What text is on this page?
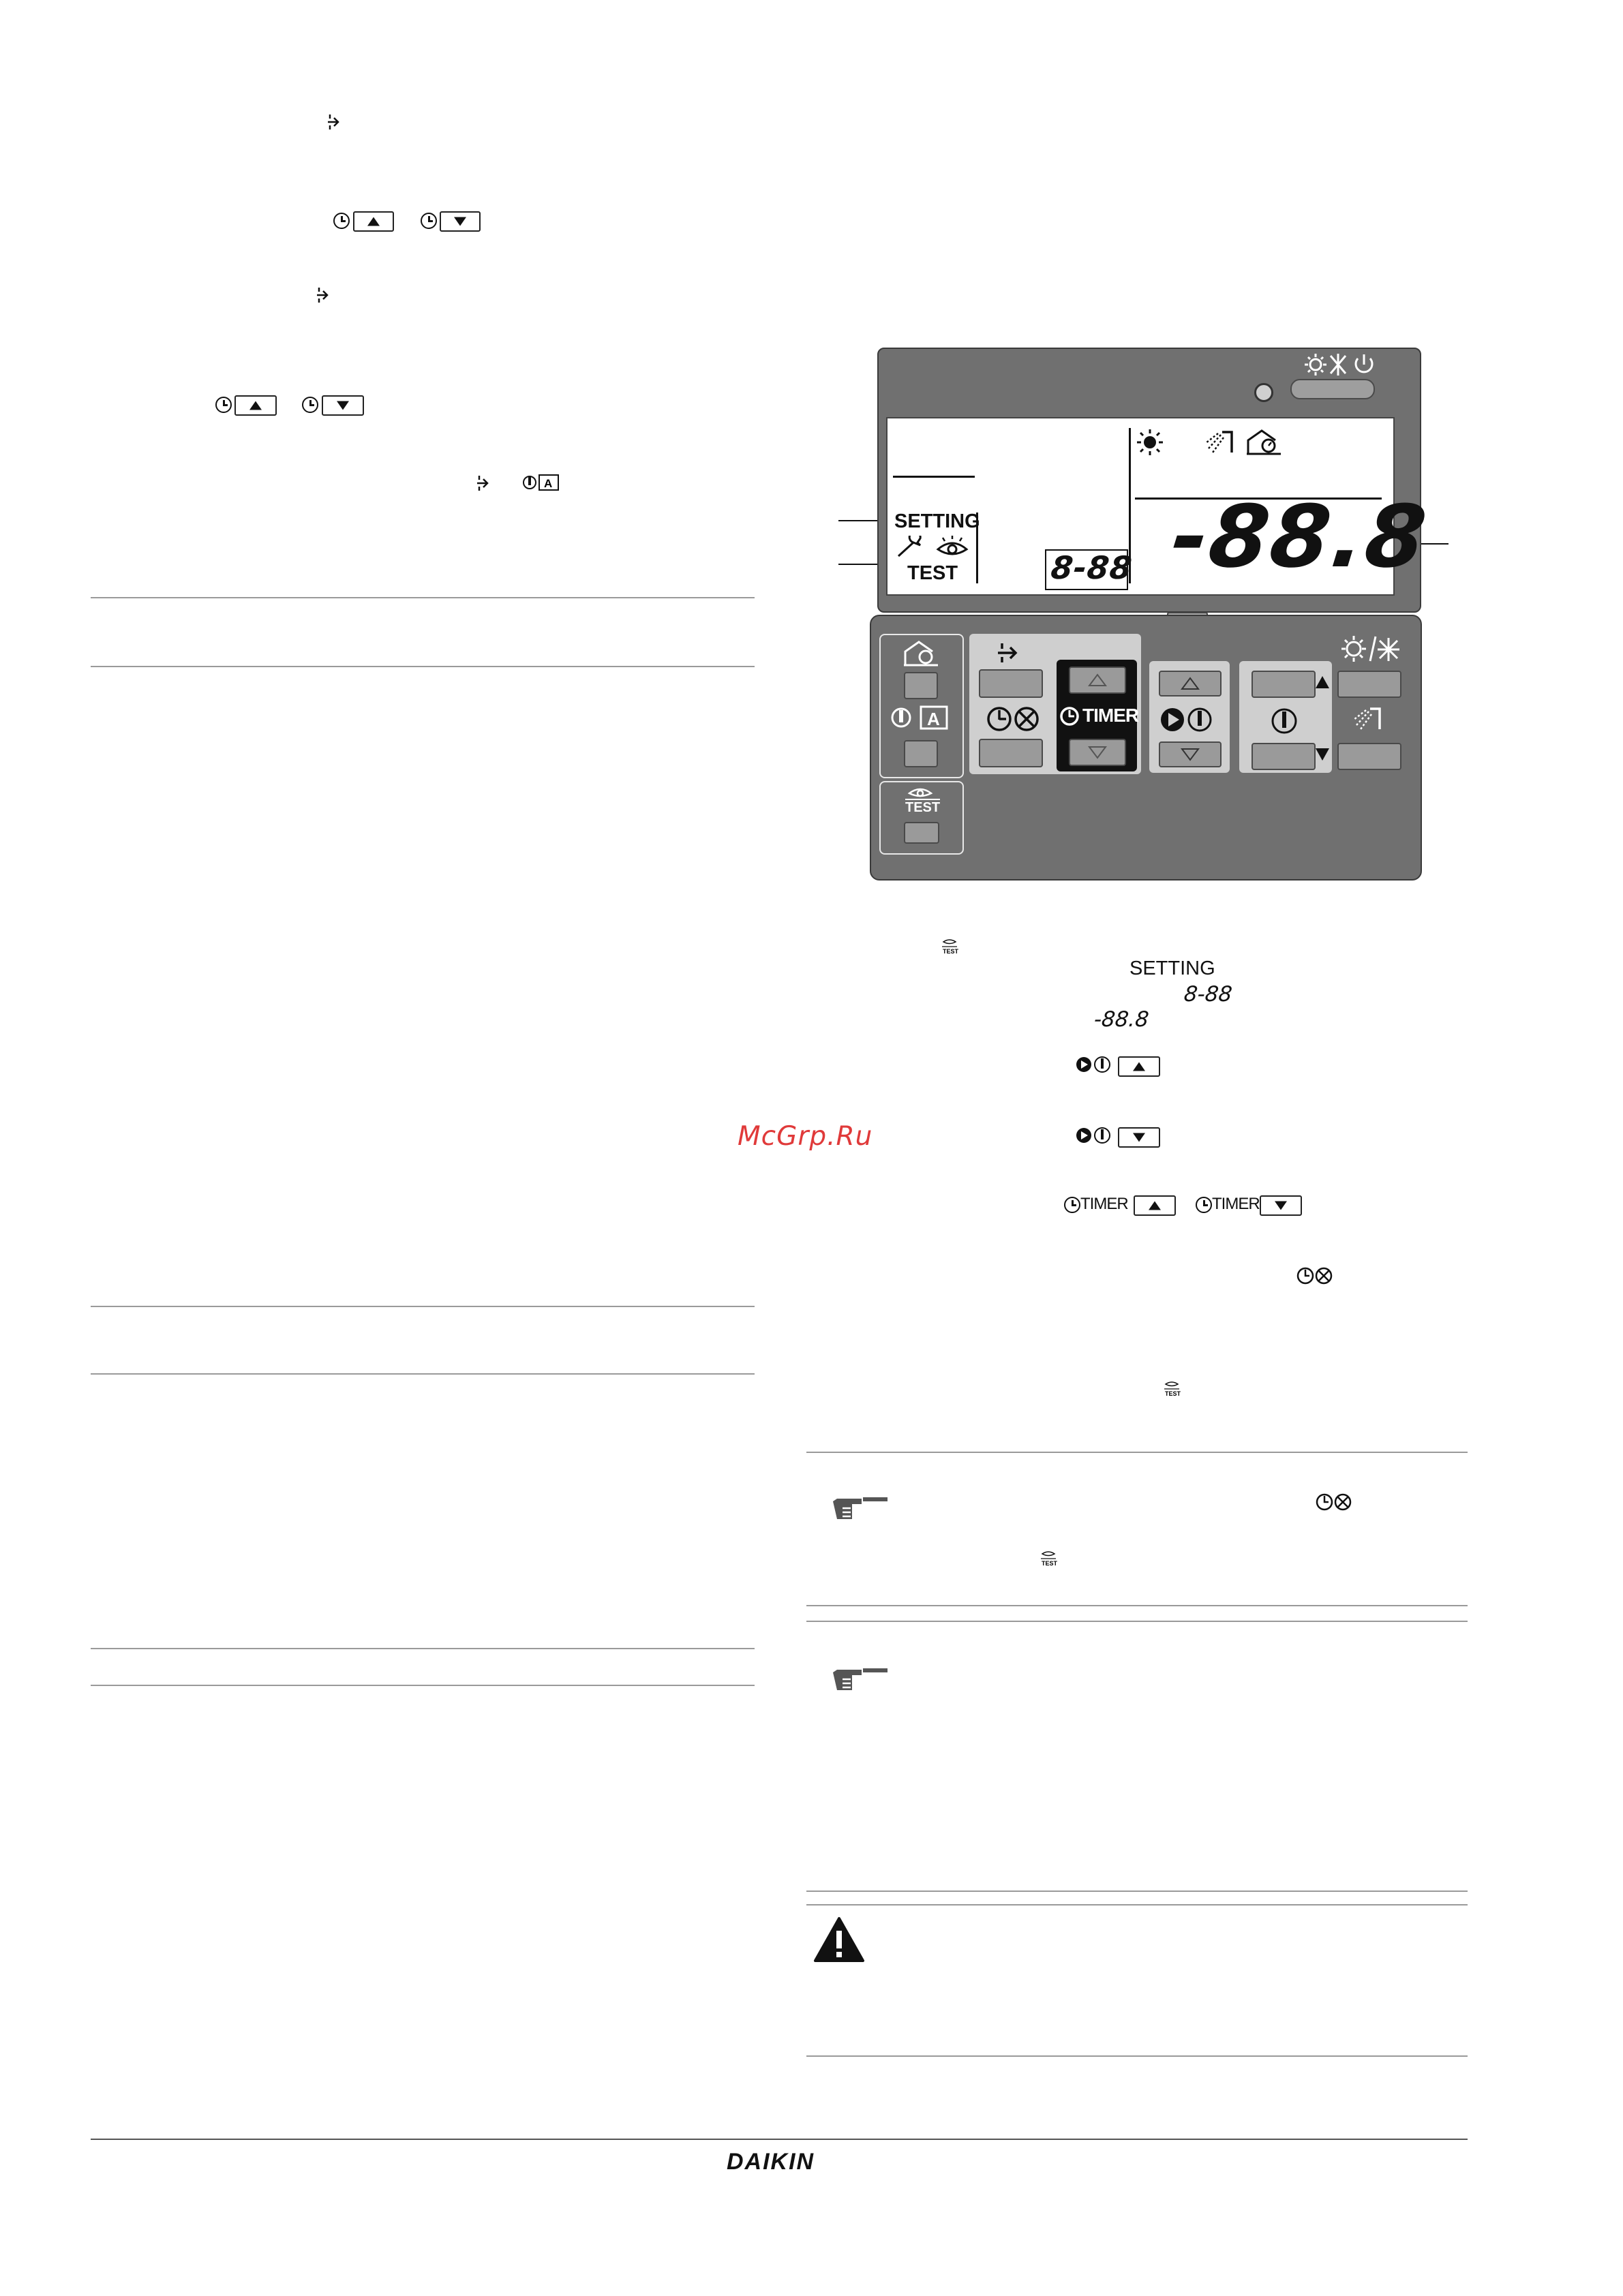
A
SETTING
TEST	8-88 -88.8
A
TEST
TIMER
TEST
SETTING
8-88
-88.8
TIMER	TIMER
TEST
TEST
McGrp.Ru
DAIKIN
